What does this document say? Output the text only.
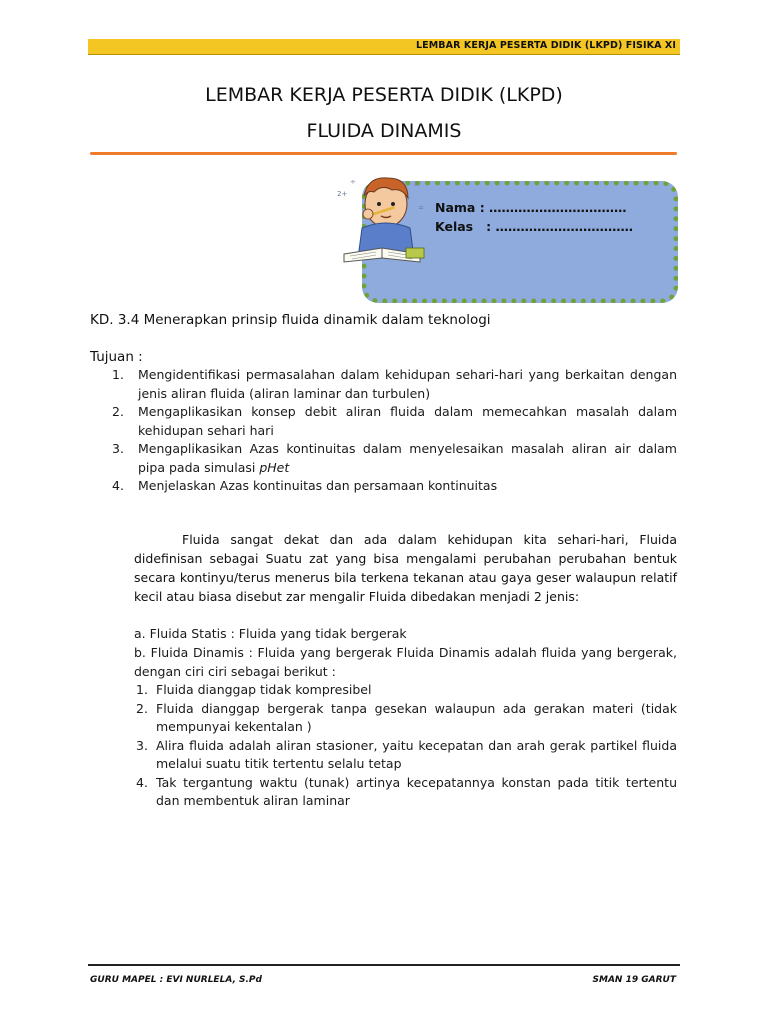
LEMBAR KERJA PESERTA DIDIK (LKPD) FISIKA XI
LEMBAR KERJA PESERTA DIDIK (LKPD)
FLUIDA DINAMIS
Nama : ……………………………
Kelas   : ……………………………
2+
÷	x
=
KD. 3.4 Menerapkan prinsip fluida dinamik dalam teknologi
Tujuan :
1. Mengidentifikasi permasalahan dalam kehidupan sehari-hari yang berkaitan dengan jenis aliran fluida (aliran laminar dan turbulen)
2. Mengaplikasikan konsep debit aliran fluida dalam memecahkan masalah dalam kehidupan sehari hari
3. Mengaplikasikan Azas kontinuitas dalam menyelesaikan masalah aliran air dalam pipa pada simulasi pHet
4. Menjelaskan Azas kontinuitas dan persamaan kontinuitas
Fluida sangat dekat dan ada dalam kehidupan kita sehari-hari, Fluida didefinisan sebagai Suatu zat yang bisa mengalami perubahan perubahan bentuk secara kontinyu/terus menerus bila terkena tekanan atau gaya geser walaupun relatif kecil atau biasa disebut zar mengalir Fluida dibedakan menjadi 2 jenis:
a. Fluida Statis : Fluida yang tidak bergerak
b. Fluida Dinamis : Fluida yang bergerak Fluida Dinamis adalah fluida yang bergerak, dengan ciri ciri sebagai berikut :
1. Fluida dianggap tidak kompresibel
2. Fluida dianggap bergerak tanpa gesekan walaupun ada gerakan materi (tidak mempunyai kekentalan )
3. Alira fluida adalah aliran stasioner, yaitu kecepatan dan arah gerak partikel fluida melalui suatu titik tertentu selalu tetap
4. Tak tergantung waktu (tunak) artinya kecepatannya konstan pada titik tertentu dan membentuk aliran laminar
GURU MAPEL : EVI NURLELA, S.Pd	SMAN 19 GARUT
